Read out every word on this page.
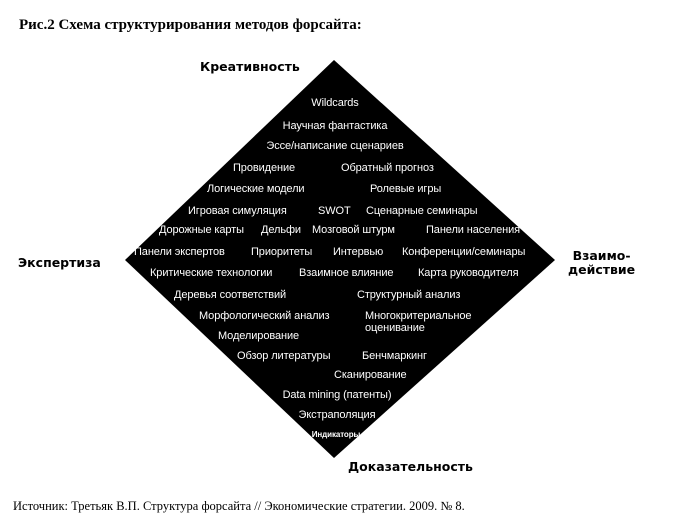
Рис.2 Схема структурирования методов форсайта:
Креативность
Экспертиза	Взаимо-
действие
Доказательность
Wildcards
Научная фантастика
Эссе/написание сценариев
Провидение	Обратный прогноз
Логические модели	Ролевые игры
Игровая симуляция	SWOT Сценарные семинары
Дорожные карты Дельфи Мозговой штурм	Панели населения
Панели экспертов Приоритеты Интервью Конференции/семинары
Критические технологии Взаимное влияние Карта руководителя
Деревья соответствий	Структурный анализ
Морфологический анализ	Многокритериальное
оценивание
Моделирование
Обзор литературы	Бенчмаркинг
Сканирование
Data mining (патенты)
Экстраполяция
Индикаторы
Источник: Третьяк В.П. Структура форсайта // Экономические стратегии. 2009. № 8.
